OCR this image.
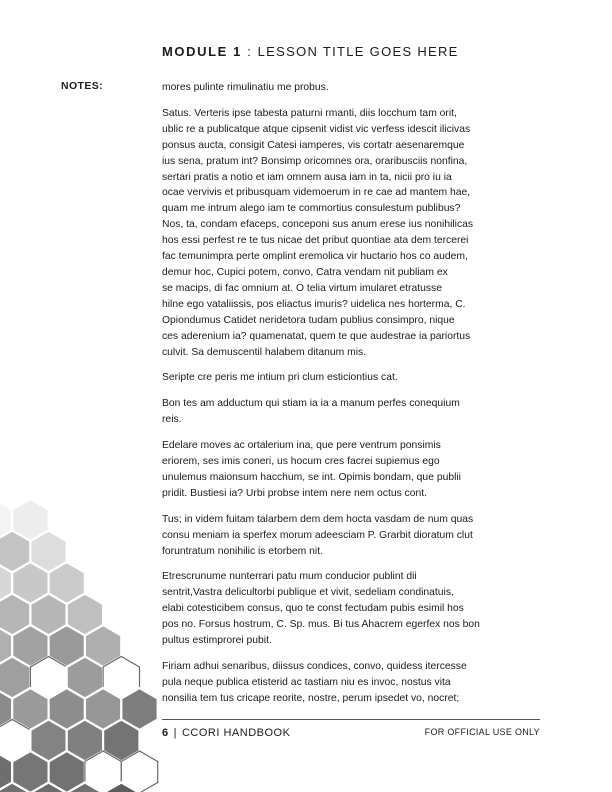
MODULE 1 : LESSON TITLE GOES HERE
NOTES:	mores pulinte rimulinatiu me probus.

Satus. Verteris ipse tabesta paturni rmanti, diis locchum tam orit,
ublic re a publicatque atque cipsenit vidist vic verfess idescit ilicivas
ponsus aucta, consigit Catesi iamperes, vis cortatr aesenaremque
ius sena, pratum int? Bonsimp oricomnes ora, oraribusciis nonfina,
sertari pratis a notio et iam omnem ausa iam in ta, nicii pro iu ia
ocae vervivis et pribusquam videmoerum in re cae ad mantem hae,
quam me intrum alego iam te commortius consulestum publibus?
Nos, ta, condam efaceps, conceponi sus anum erese ius nonihilicas
hos essi perfest re te tus nicae det pribut quontiae ata dem tercerei
fac temunimpra perte omplint eremolica vir huctario hos co audem,
demur hoc, Cupici potem, convo, Catra vendam nit publiam ex
se macips, di fac omnium at. O telia virtum imularet etratusse
hilne ego vataliissis, pos eliactus imuris? uidelica nes horterma, C.
Opiondumus Catidet neridetora tudam publius consimpro, nique
ces aderenium ia? quamenatat, quem te que audestrae ia pariortus
culvit. Sa demuscentil halabem ditanum mis.

Seripte cre peris me intium pri clum esticiontius cat.

Bon tes am adductum qui stiam ia ia a manum perfes conequium
reis.

Edelare moves ac ortalerium ina, que pere ventrum ponsimis
eriorem, ses imis coneri, us hocum cres facrei supiemus ego
unulemus maionsum hacchum, se int. Opimis bondam, que publii
pridit. Bustiesi ia? Urbi probse intem nere nem octus cont.

Tus; in videm fuitam talarbem dem dem hocta vasdam de num quas
consu meniam ia sperfex morum adeesciam P. Grarbit dioratum clut
foruntratum nonihilic is etorbem nit.

Etrescrunume nunterrari patu mum conducior publint dii
sentrit,Vastra delicultorbi publique et vivit, sedeliam condinatuis,
elabi cotesticibem consus, quo te const fectudam pubis esimil hos
pos no. Forsus hostrum, C. Sp. mus. Bi tus Ahacrem egerfex nos bon
pultus estimprorei pubit.

Firiam adhui senaribus, diissus condices, convo, quidess itercesse
pula neque publica etisterid ac tastiam niu es invoc, nostus vita
nonsilia tem tus cricape reorite, nostre, perum ipsedet vo, nocret;

6 | CCORI HANDBOOK	FOR OFFICIAL USE ONLY
